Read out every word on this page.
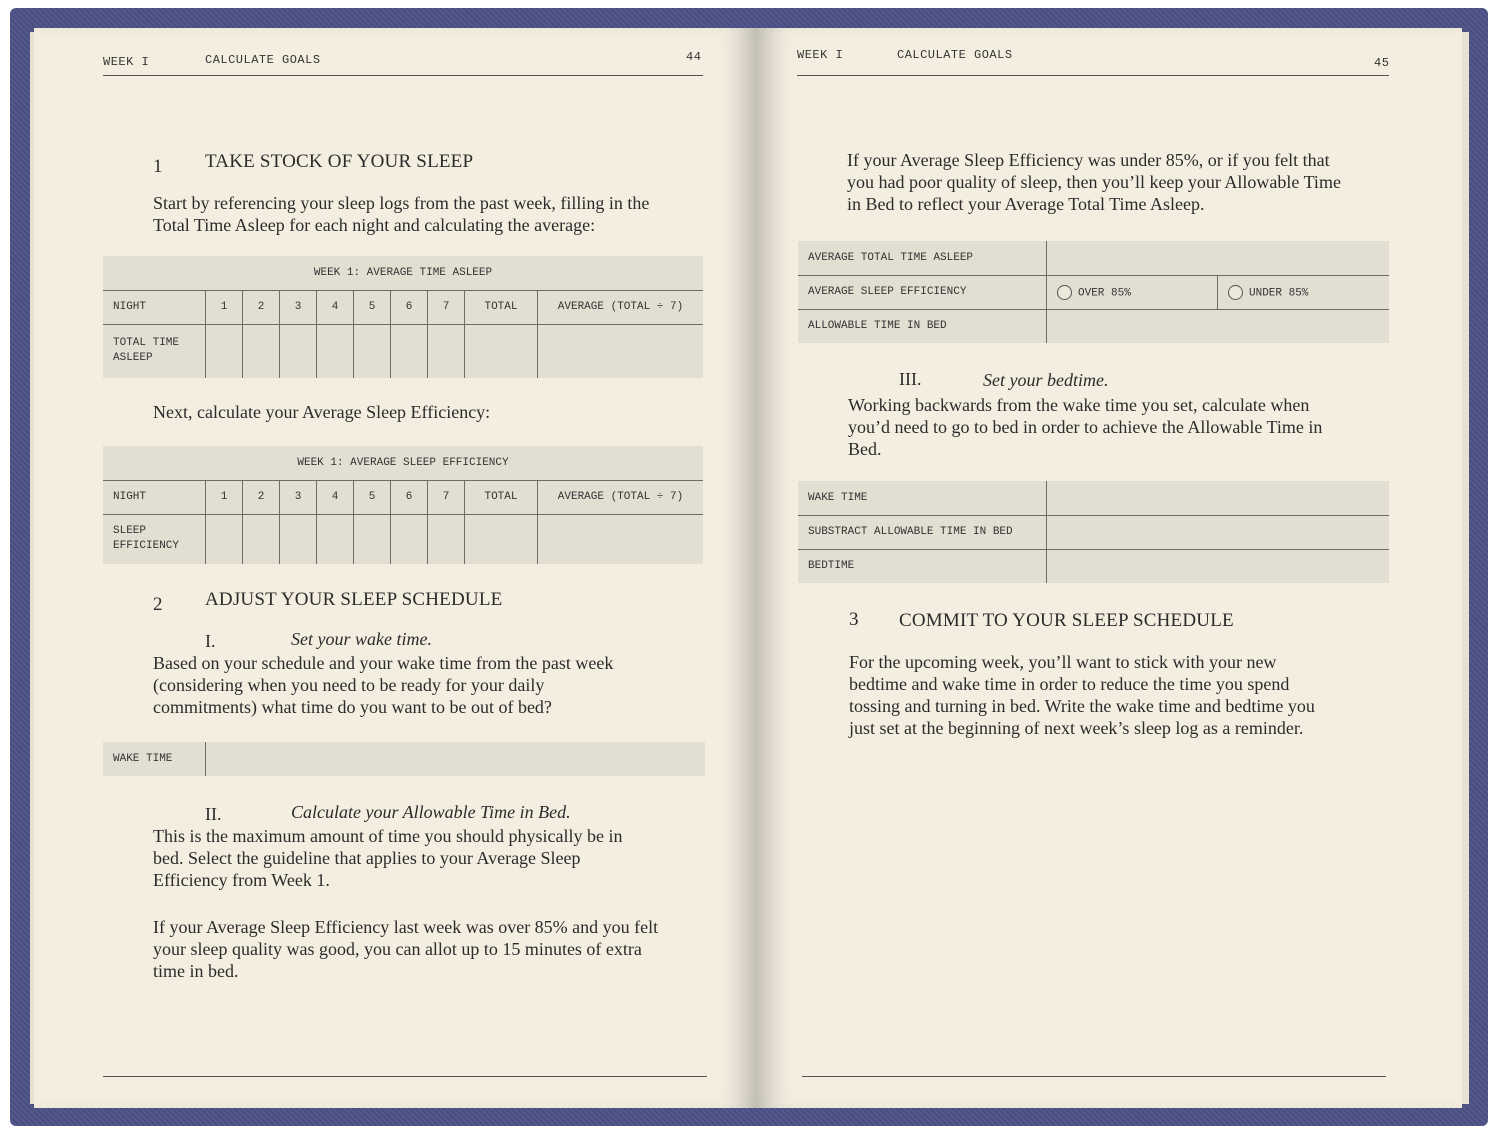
WEEK I	CALCULATE GOALS	44
1 TAKE STOCK OF YOUR SLEEP
Start by referencing your sleep logs from the past week, filling in the Total Time Asleep for each night and calculating the average:
WEEK 1: AVERAGE TIME ASLEEP									
NIGHT	1	2	3	4	5	6	7	TOTAL	AVERAGE (TOTAL ÷ 7)
TOTAL TIME ASLEEP									
Next, calculate your Average Sleep Efficiency:
WEEK 1: AVERAGE SLEEP EFFICIENCY									
NIGHT	1	2	3	4	5	6	7	TOTAL	AVERAGE (TOTAL ÷ 7)
SLEEP EFFICIENCY									
2 ADJUST YOUR SLEEP SCHEDULE
I.	Set your wake time.
Based on your schedule and your wake time from the past week (considering when you need to be ready for your daily commitments) what time do you want to be out of bed?
WAKE TIME	
II.	Calculate your Allowable Time in Bed.
This is the maximum amount of time you should physically be in bed. Select the guideline that applies to your Average Sleep Efficiency from Week 1.
If your Average Sleep Efficiency last week was over 85% and you felt your sleep quality was good, you can allot up to 15 minutes of extra time in bed.
WEEK I	CALCULATE GOALS
45
If your Average Sleep Efficiency was under 85%, or if you felt that you had poor quality of sleep, then you’ll keep your Allowable Time in Bed to reflect your Average Total Time Asleep.
AVERAGE TOTAL TIME ASLEEP		
AVERAGE SLEEP EFFICIENCY	OVER 85%	UNDER 85%
ALLOWABLE TIME IN BED		
III.	Set your bedtime.
Working backwards from the wake time you set, calculate when you’d need to go to bed in order to achieve the Allowable Time in Bed.
WAKE TIME	
SUBSTRACT ALLOWABLE TIME IN BED	
BEDTIME	
3 COMMIT TO YOUR SLEEP SCHEDULE
For the upcoming week, you’ll want to stick with your new bedtime and wake time in order to reduce the time you spend tossing and turning in bed. Write the wake time and bedtime you just set at the beginning of next week’s sleep log as a reminder.
